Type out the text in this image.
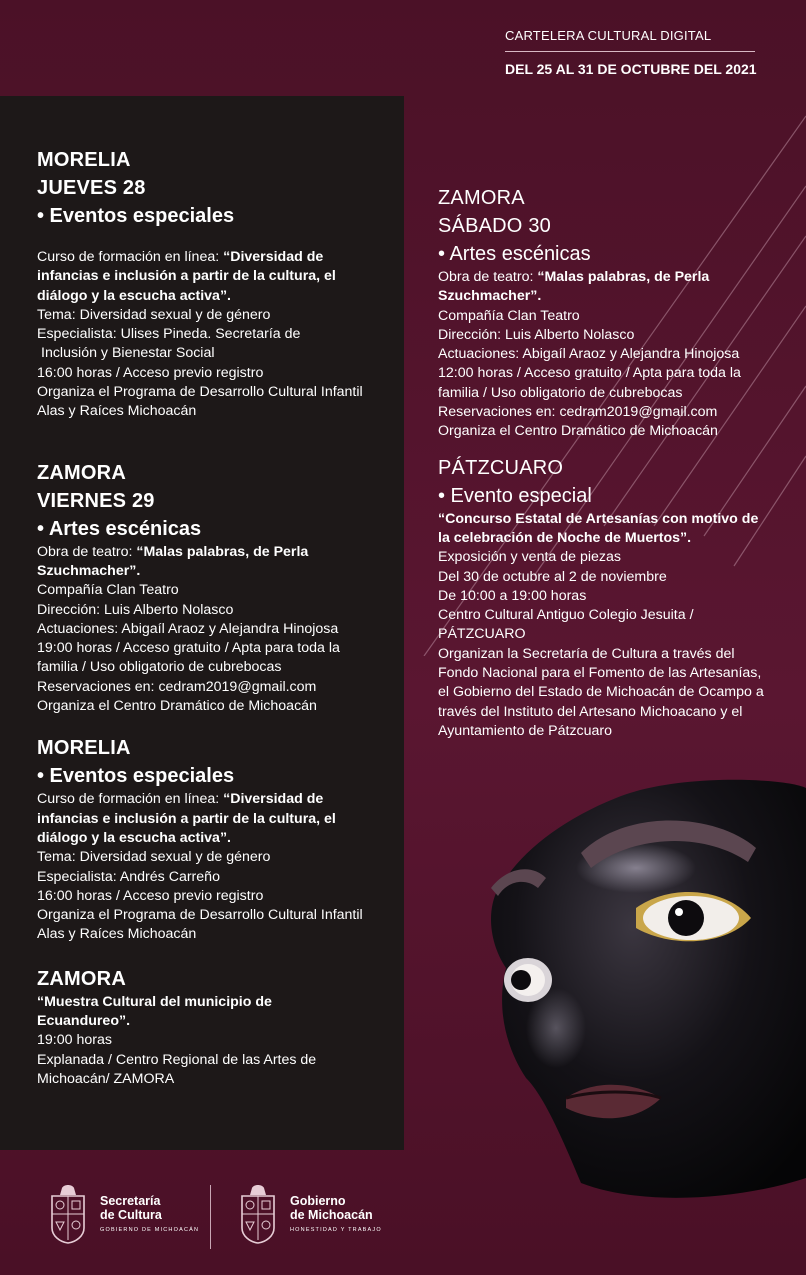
CARTELERA CULTURAL DIGITAL
DEL 25 AL 31 DE OCTUBRE DEL 2021
MORELIA
JUEVES 28
• Eventos especiales
Curso de formación en línea: “Diversidad de infancias e inclusión a partir de la cultura, el diálogo y la escucha activa”.
Tema: Diversidad sexual y de género
Especialista: Ulises Pineda. Secretaría de
Inclusión y Bienestar Social
16:00 horas / Acceso previo registro
Organiza el Programa de Desarrollo Cultural Infantil Alas y Raíces Michoacán
ZAMORA
VIERNES 29
• Artes escénicas
Obra de teatro: “Malas palabras, de Perla Szuchmacher”.
Compañía Clan Teatro
Dirección: Luis Alberto Nolasco
Actuaciones: Abigaíl Araoz y Alejandra Hinojosa
19:00 horas / Acceso gratuito / Apta para toda la familia / Uso obligatorio de cubrebocas
Reservaciones en: cedram2019@gmail.com
Organiza el Centro Dramático de Michoacán
MORELIA
• Eventos especiales
Curso de formación en línea: “Diversidad de infancias e inclusión a partir de la cultura, el diálogo y la escucha activa”.
Tema: Diversidad sexual y de género
Especialista: Andrés Carreño
16:00 horas / Acceso previo registro
Organiza el Programa de Desarrollo Cultural Infantil Alas y Raíces Michoacán
ZAMORA
“Muestra Cultural del municipio de Ecuandureo”.
19:00 horas
Explanada / Centro Regional de las Artes de Michoacán/ ZAMORA
ZAMORA
SÁBADO 30
• Artes escénicas
Obra de teatro: “Malas palabras, de Perla Szuchmacher”.
Compañía Clan Teatro
Dirección: Luis Alberto Nolasco
Actuaciones: Abigaíl Araoz y Alejandra Hinojosa
12:00 horas / Acceso gratuito / Apta para toda la familia / Uso obligatorio de cubrebocas
Reservaciones en: cedram2019@gmail.com
Organiza el Centro Dramático de Michoacán
PÁTZCUARO
• Evento especial
“Concurso Estatal de Artesanías con motivo de la celebración de Noche de Muertos”.
Exposición y venta de piezas
Del 30 de octubre al 2 de noviembre
De 10:00 a 19:00 horas
Centro Cultural Antiguo Colegio Jesuita / PÁTZCUARO
Organizan la Secretaría de Cultura a través del Fondo Nacional para el Fomento de las Artesanías, el Gobierno del Estado de Michoacán de Ocampo a través del Instituto del Artesano Michoacano y el Ayuntamiento de Pátzcuaro
Secretaría
de Cultura
GOBIERNO DE MICHOACÁN
Gobierno
de Michoacán
HONESTIDAD Y TRABAJO
